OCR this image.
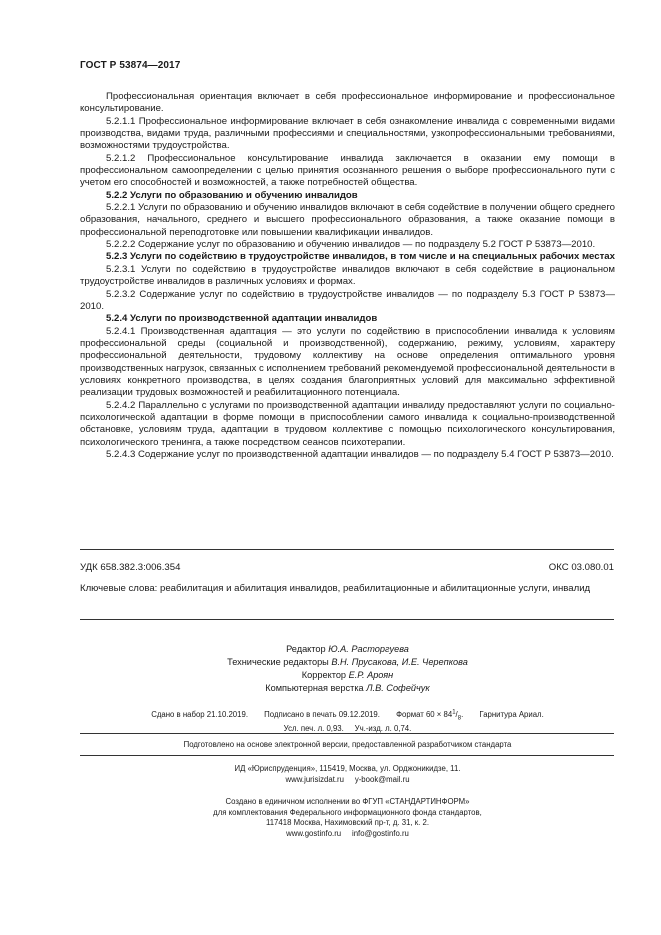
ГОСТ Р 53874—2017

Профессиональная ориентация включает в себя профессиональное информирование и профессиональное консультирование.

5.2.1.1 Профессиональное информирование включает в себя ознакомление инвалида с современными видами производства, видами труда, различными профессиями и специальностями, узкопрофессиональными требованиями, возможностями трудоустройства.

5.2.1.2 Профессиональное консультирование инвалида заключается в оказании ему помощи в профессиональном самоопределении с целью принятия осознанного решения о выборе профессионального пути с учетом его способностей и возможностей, а также потребностей общества.

5.2.2 Услуги по образованию и обучению инвалидов

5.2.2.1 Услуги по образованию и обучению инвалидов включают в себя содействие в получении общего среднего образования, начального, среднего и высшего профессионального образования, а также оказание помощи в профессиональной переподготовке или повышении квалификации инвалидов.

5.2.2.2 Содержание услуг по образованию и обучению инвалидов — по подразделу 5.2 ГОСТ Р 53873—2010.

5.2.3 Услуги по содействию в трудоустройстве инвалидов, в том числе и на специальных рабочих местах

5.2.3.1 Услуги по содействию в трудоустройстве инвалидов включают в себя содействие в рациональном трудоустройстве инвалидов в различных условиях и формах.

5.2.3.2 Содержание услуг по содействию в трудоустройстве инвалидов — по подразделу 5.3 ГОСТ Р 53873—2010.

5.2.4 Услуги по производственной адаптации инвалидов

5.2.4.1 Производственная адаптация — это услуги по содействию в приспособлении инвалида к условиям профессиональной среды (социальной и производственной), содержанию, режиму, условиям, характеру профессиональной деятельности, трудовому коллективу на основе определения оптимального уровня производственных нагрузок, связанных с исполнением требований рекомендуемой профессиональной деятельности в условиях конкретного производства, в целях создания благоприятных условий для максимально эффективной реализации трудовых возможностей и реабилитационного потенциала.

5.2.4.2 Параллельно с услугами по производственной адаптации инвалиду предоставляют услуги по социально-психологической адаптации в форме помощи в приспособлении самого инвалида к социально-производственной обстановке, условиям труда, адаптации в трудовом коллективе с помощью психологического консультирования, психологического тренинга, а также посредством сеансов психотерапии.

5.2.4.3 Содержание услуг по производственной адаптации инвалидов — по подразделу 5.4 ГОСТ Р 53873—2010.

УДК 658.382.3:006.354	ОКС 03.080.01
Ключевые слова: реабилитация и абилитация инвалидов, реабилитационные и абилитационные услуги, инвалид
Редактор Ю.А. Расторгуева
Технические редакторы В.Н. Прусакова, И.Е. Черепкова
Корректор Е.Р. Ароян
Компьютерная верстка Л.В. Софейчук
Сдано в набор 21.10.2019. Подписано в печать 09.12.2019. Формат $60 \times 84^1/_8$. Гарнитура Ариал.
Усл. печ. л. 0,93. Уч.-изд. л. 0,74.
Подготовлено на основе электронной версии, предоставленной разработчиком стандарта
ИД «Юриспруденция», 115419, Москва, ул. Орджоникидзе, 11.
www.jurisizdat.ru y-book@mail.ru
Создано в единичном исполнении во ФГУП «СТАНДАРТИНФОРМ»
для комплектования Федерального информационного фонда стандартов,
117418 Москва, Нахимовский пр-т, д. 31, к. 2.
www.gostinfo.ru info@gostinfo.ru
